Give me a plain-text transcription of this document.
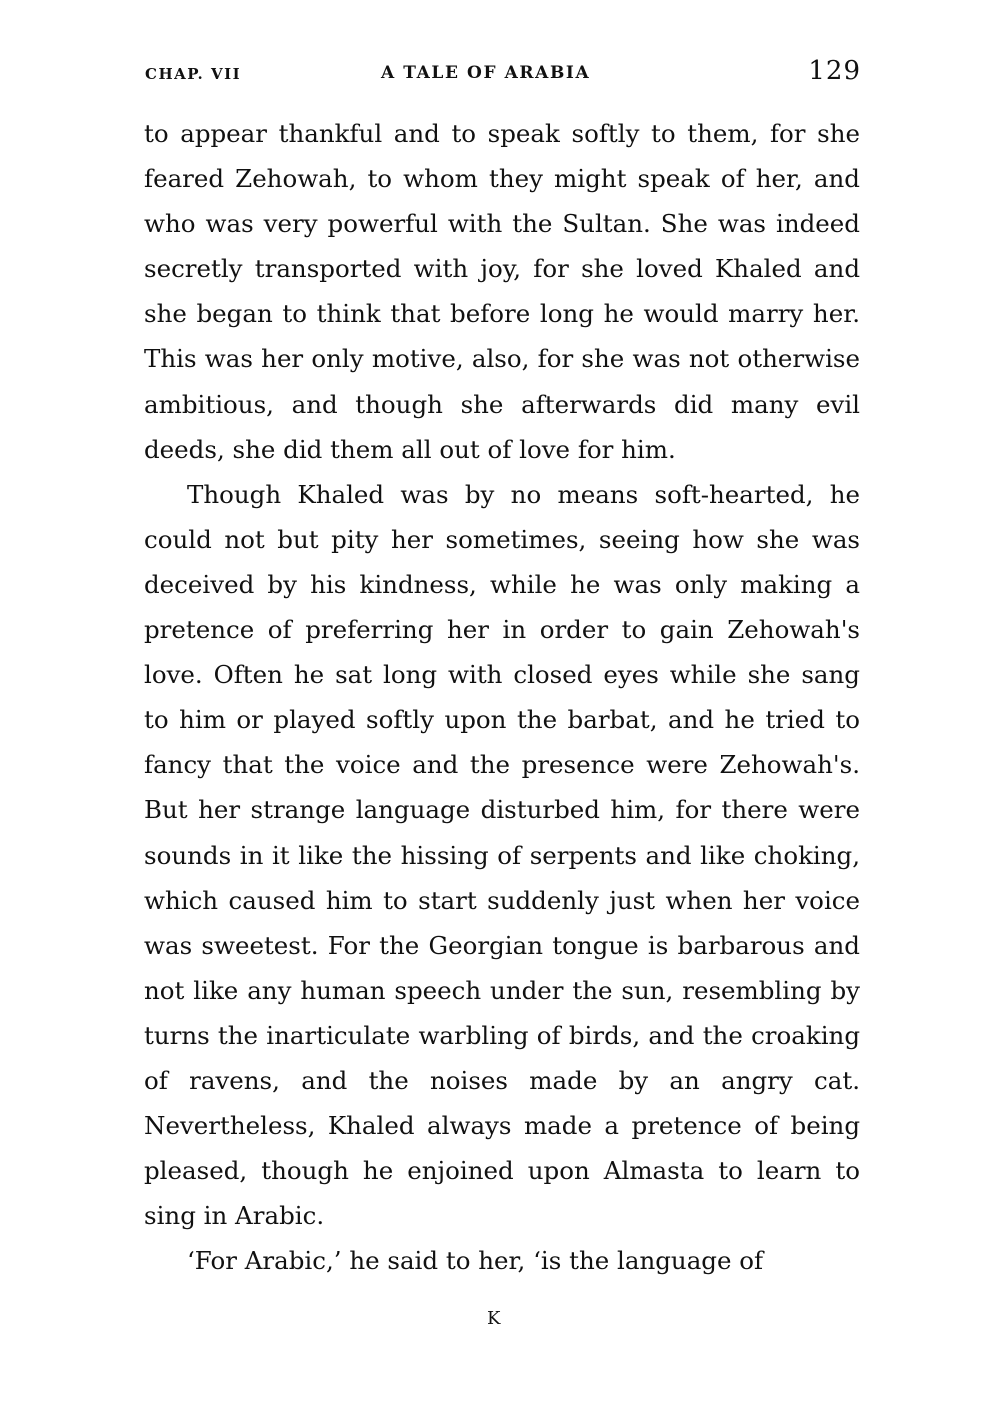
CHAP. VII	A TALE OF ARABIA	129

to appear thankful and to speak softly to them, for she feared Zehowah, to whom they might speak of her, and who was very powerful with the Sultan. She was indeed secretly transported with joy, for she loved Khaled and she began to think that before long he would marry her. This was her only motive, also, for she was not otherwise ambitious, and though she afterwards did many evil deeds, she did them all out of love for him.

Though Khaled was by no means soft-hearted, he could not but pity her sometimes, seeing how she was deceived by his kindness, while he was only making a pretence of preferring her in order to gain Zehowah's love. Often he sat long with closed eyes while she sang to him or played softly upon the barbat, and he tried to fancy that the voice and the presence were Zehowah's. But her strange language disturbed him, for there were sounds in it like the hissing of serpents and like choking, which caused him to start suddenly just when her voice was sweetest. For the Georgian tongue is barbarous and not like any human speech under the sun, resembling by turns the inarticulate warbling of birds, and the croaking of ravens, and the noises made by an angry cat. Nevertheless, Khaled always made a pretence of being pleased, though he enjoined upon Almasta to learn to sing in Arabic.

‘For Arabic,’ he said to her, ‘is the language of

K
